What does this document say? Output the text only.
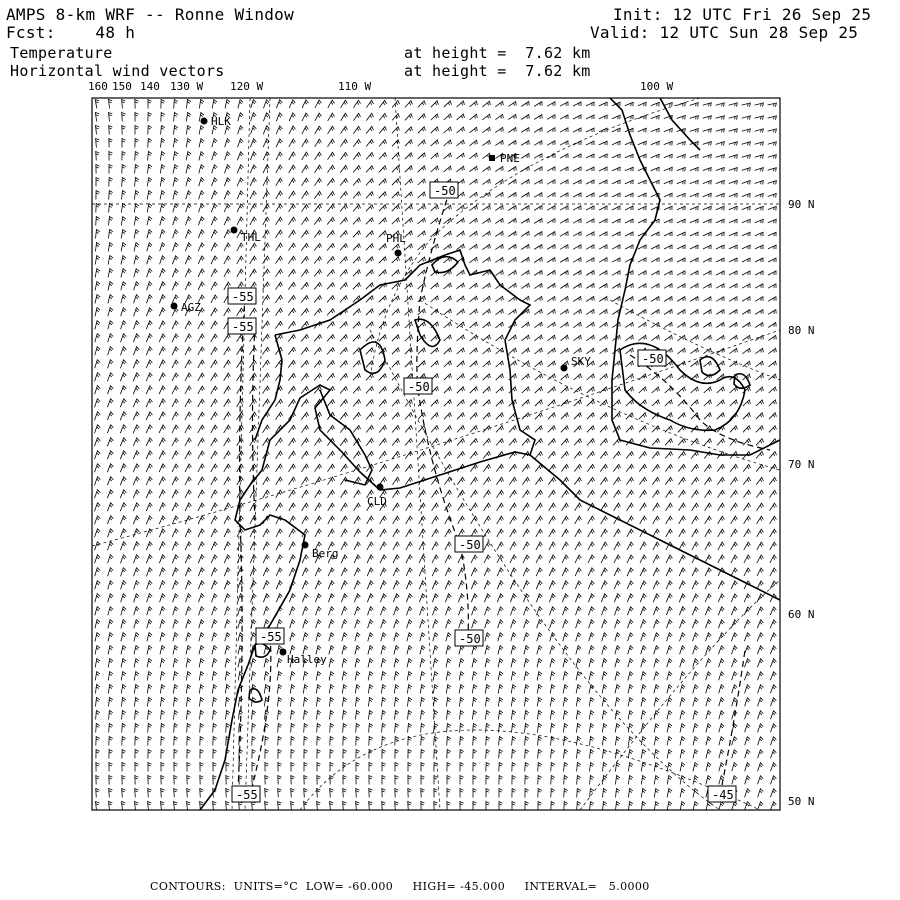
AMPS 8-km WRF -- Ronne Window
Fcst:    48 h
Init: 12 UTC Fri 26 Sep 25
Valid: 12 UTC Sun 28 Sep 25
Temperature
Horizontal wind vectors
at height =  7.62 km
at height =  7.62 km
-50
-55
-55
-50
-50
-50
-50
-55
-55	-45
HLK
THL
AGZ
PHL
PNE
SKY
CLD
Berg
Halley
160 150 140 130 W 120 W	110 W	100 W
90 N
80 N
70 N
60 N
50 N
CONTOURS:  UNITS=°C  LOW= -60.000     HIGH= -45.000     INTERVAL=   5.0000
